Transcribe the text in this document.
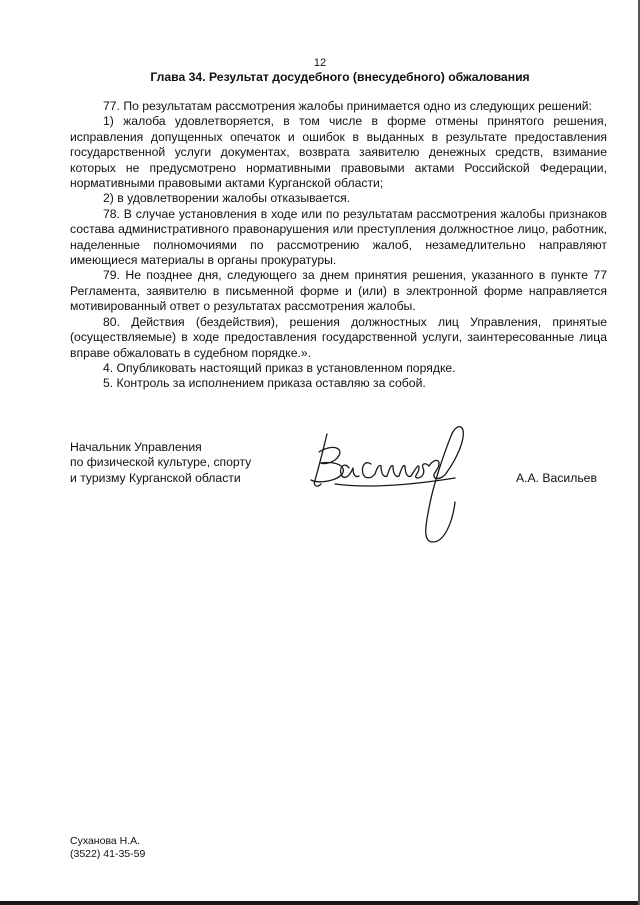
12
Глава 34. Результат досудебного (внесудебного) обжалования

77. По результатам рассмотрения жалобы принимается одно из следующих решений:

1) жалоба удовлетворяется, в том числе в форме отмены принятого решения, исправления допущенных опечаток и ошибок в выданных в результате предоставления государственной услуги документах, возврата заявителю денежных средств, взимание которых не предусмотрено нормативными правовыми актами Российской Федерации, нормативными правовыми актами Курганской области;

2) в удовлетворении жалобы отказывается.

78. В случае установления в ходе или по результатам рассмотрения жалобы признаков состава административного правонарушения или преступления должностное лицо, работник, наделенные полномочиями по рассмотрению жалоб, незамедлительно направляют имеющиеся материалы в органы прокуратуры.

79. Не позднее дня, следующего за днем принятия решения, указанного в пункте 77 Регламента, заявителю в письменной форме и (или) в электронной форме направляется мотивированный ответ о результатах рассмотрения жалобы.

80. Действия (бездействия), решения должностных лиц Управления, принятые (осуществляемые) в ходе предоставления государственной услуги, заинтересованные лица вправе обжаловать в судебном порядке.».

4. Опубликовать настоящий приказ в установленном порядке.

5. Контроль за исполнением приказа оставляю за собой.

Начальник Управления
по физической культуре, спорту
и туризму Курганской области	А.А. Васильев
Суханова Н.А.
(3522) 41-35-59
